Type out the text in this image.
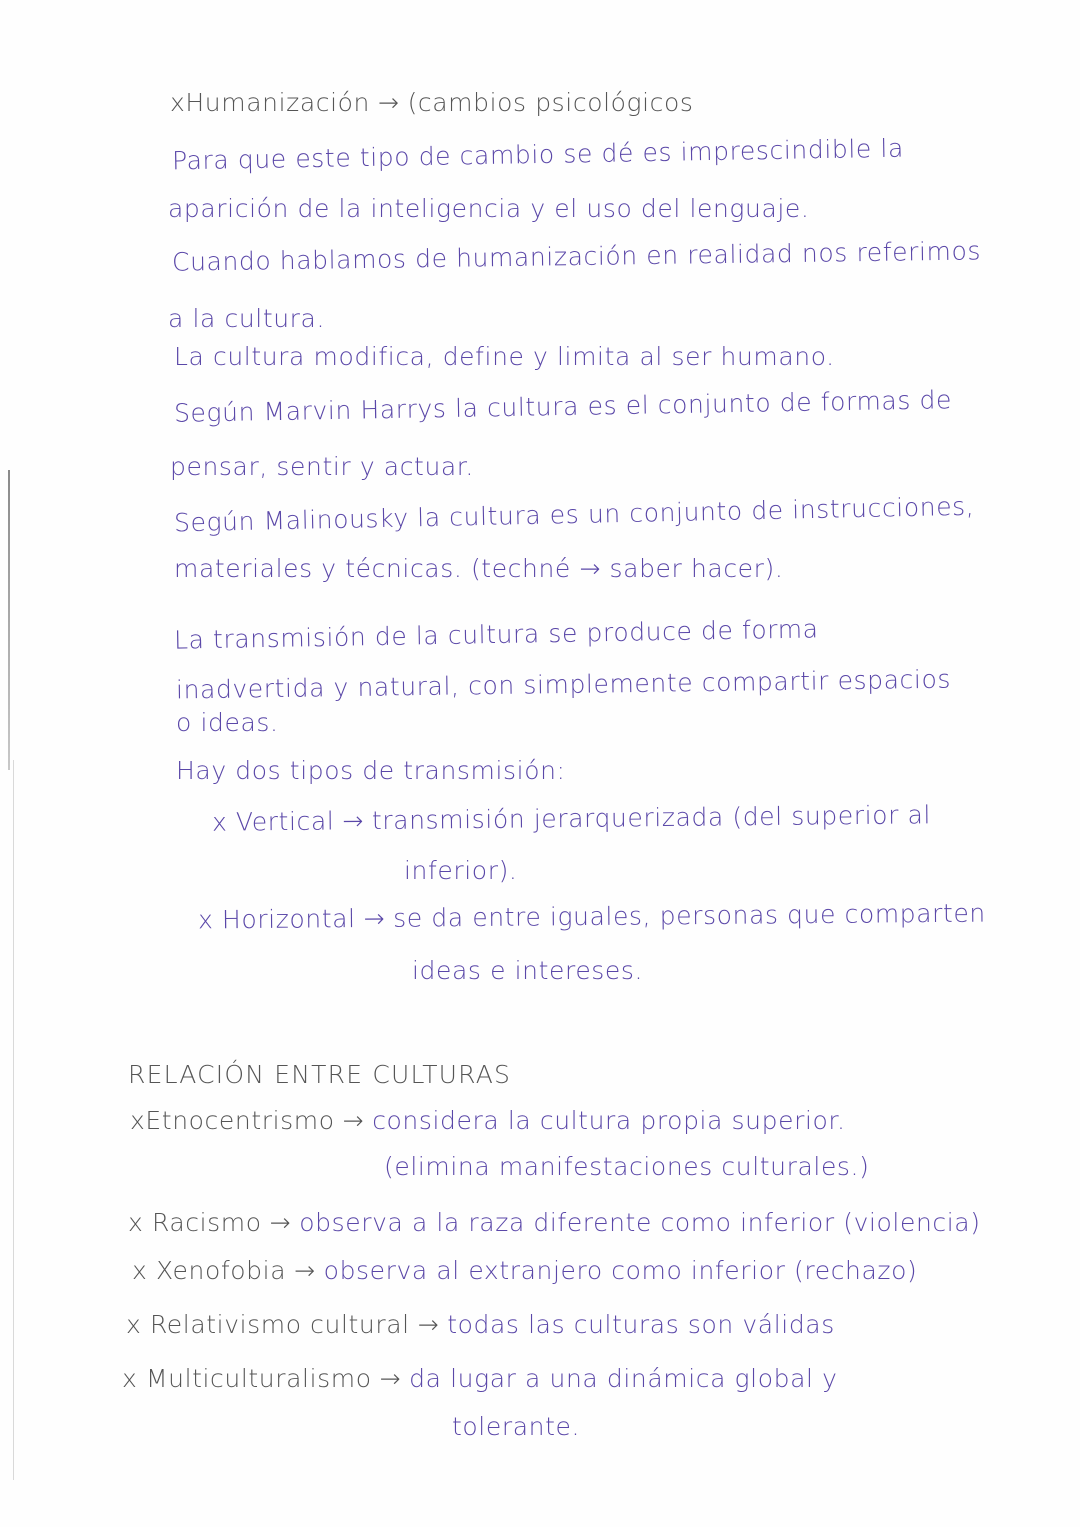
xHumanización → (cambios psicológicos
Para que este tipo de cambio se dé es imprescindible la
aparición de la inteligencia y el uso del lenguaje.
Cuando hablamos de humanización en realidad nos referimos
a la cultura.
La cultura modifica, define y limita al ser humano.
Según Marvin Harrys la cultura es el conjunto de formas de
pensar, sentir y actuar.
Según Malinousky la cultura es un conjunto de instrucciones,
materiales y técnicas. (techné → saber hacer).
La transmisión de la cultura se produce de forma
inadvertida y natural, con simplemente compartir espacios
o ideas.
Hay dos tipos de transmisión:
x Vertical → transmisión jerarquerizada (del superior al
inferior).
x Horizontal → se da entre iguales, personas que comparten
ideas e intereses.
RELACIÓN ENTRE CULTURAS
xEtnocentrismo → considera la cultura propia superior.
(elimina manifestaciones culturales.)
x Racismo → observa a la raza diferente como inferior (violencia)
x Xenofobia → observa al extranjero como inferior (rechazo)
x Relativismo cultural → todas las culturas son válidas
x Multiculturalismo → da lugar a una dinámica global y
tolerante.
